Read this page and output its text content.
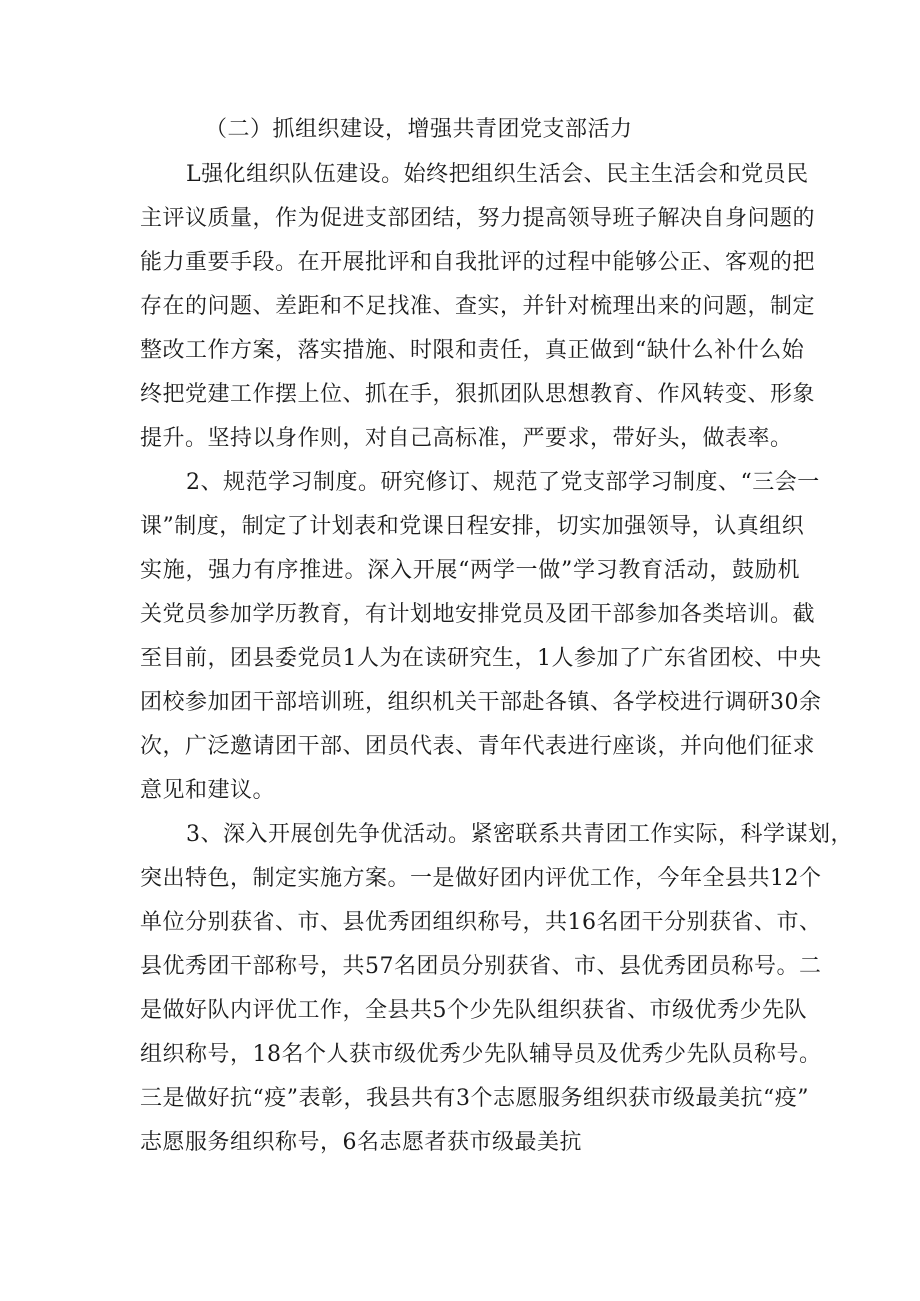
（二）抓组织建设，增强共青团党支部活力
L强化组织队伍建设。始终把组织生活会、民主生活会和党员民
主评议质量，作为促进支部团结，努力提高领导班子解决自身问题的
能力重要手段。在开展批评和自我批评的过程中能够公正、客观的把
存在的问题、差距和不足找准、查实，并针对梳理出来的问题，制定
整改工作方案，落实措施、时限和责任，真正做到“缺什么补什么始
终把党建工作摆上位、抓在手，狠抓团队思想教育、作风转变、形象
提升。坚持以身作则，对自己高标准，严要求，带好头，做表率。
2、规范学习制度。研究修订、规范了党支部学习制度、“三会一
课”制度，制定了计划表和党课日程安排，切实加强领导，认真组织
实施，强力有序推进。深入开展“两学一做”学习教育活动，鼓励机
关党员参加学历教育，有计划地安排党员及团干部参加各类培训。截
至目前，团县委党员1人为在读研究生，1人参加了广东省团校、中央
团校参加团干部培训班，组织机关干部赴各镇、各学校进行调研30余
次，广泛邀请团干部、团员代表、青年代表进行座谈，并向他们征求
意见和建议。
3、深入开展创先争优活动。紧密联系共青团工作实际，科学谋划，
突出特色，制定实施方案。一是做好团内评优工作，今年全县共12个
单位分别获省、市、县优秀团组织称号，共16名团干分别获省、市、
县优秀团干部称号，共57名团员分别获省、市、县优秀团员称号。二
是做好队内评优工作，全县共5个少先队组织获省、市级优秀少先队
组织称号，18名个人获市级优秀少先队辅导员及优秀少先队员称号。
三是做好抗“疫”表彰，我县共有3个志愿服务组织获市级最美抗“疫”
志愿服务组织称号，6名志愿者获市级最美抗
